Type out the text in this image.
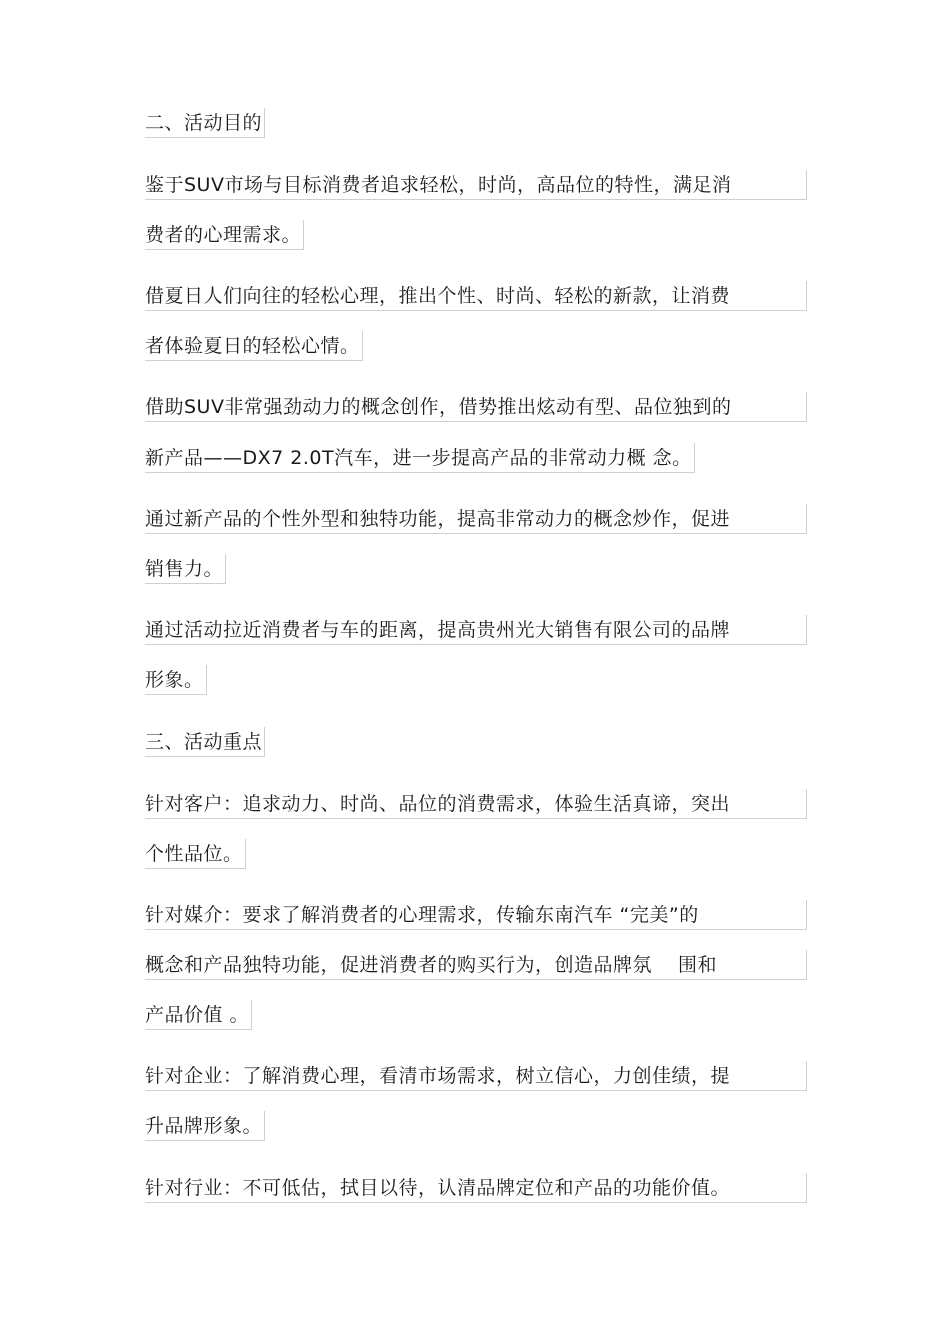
二、活动目的
鉴于SUV市场与目标消费者追求轻松，时尚，高品位的特性，满足消
费者的心理需求。
借夏日人们向往的轻松心理，推出个性、时尚、轻松的新款，让消费
者体验夏日的轻松心情。
借助SUV非常强劲动力的概念创作，借势推出炫动有型、品位独到的
新产品——DX7 2.0T汽车，进一步提高产品的非常动力概 念。
通过新产品的个性外型和独特功能，提高非常动力的概念炒作，促进
销售力。
通过活动拉近消费者与车的距离，提高贵州光大销售有限公司的品牌
形象。
三、活动重点
针对客户：追求动力、时尚、品位的消费需求，体验生活真谛，突出
个性品位。
针对媒介：要求了解消费者的心理需求，传输东南汽车 “完美”的
概念和产品独特功能，促进消费者的购买行为，创造品牌氛　 围和
产品价值 。
针对企业：了解消费心理，看清市场需求，树立信心，力创佳绩，提
升品牌形象。
针对行业：不可低估，拭目以待，认清品牌定位和产品的功能价值。
